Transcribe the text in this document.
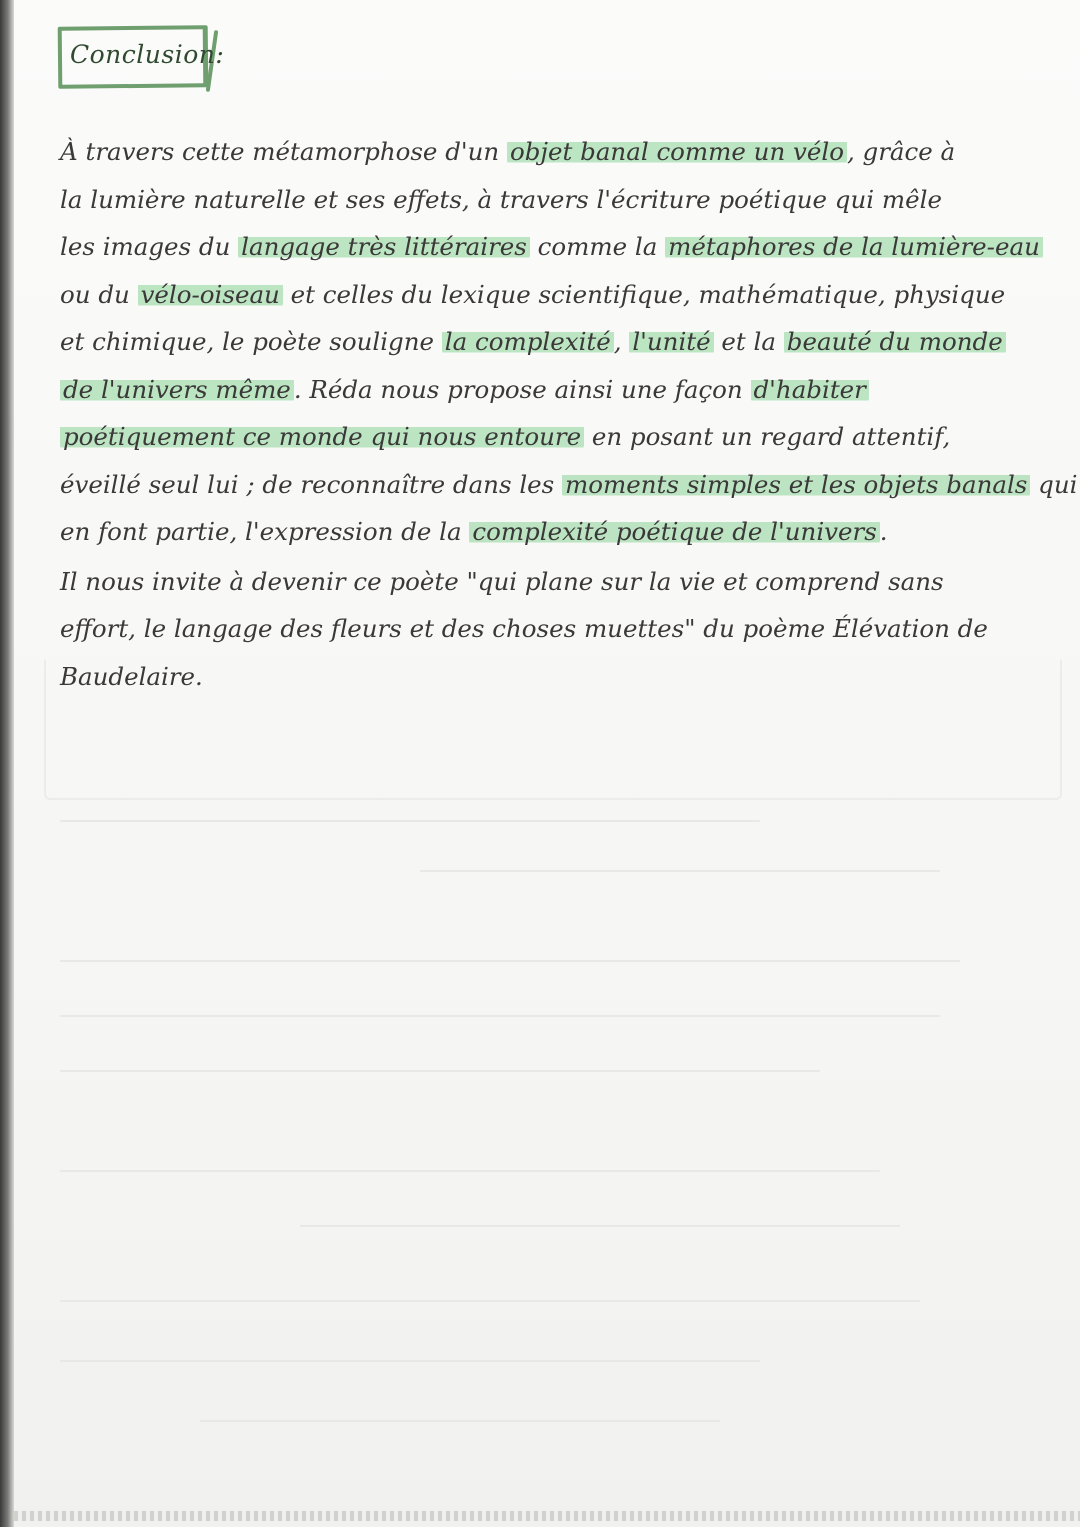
Conclusion:

À travers cette métamorphose d'un objet banal comme un vélo , grâce à

la lumière naturelle et ses effets, à travers l'écriture poétique qui mêle

les images du langage très littéraires comme la métaphores de la lumière-eau

ou du vélo-oiseau et celles du lexique scientifique, mathématique, physique

et chimique, le poète souligne la complexité , l'unité et la beauté du monde

de l'univers même . Réda nous propose ainsi une façon d'habiter

poétiquement ce monde qui nous entoure en posant un regard attentif,

éveillé seul lui ; de reconnaître dans les moments simples et les objets banals qui

en font partie, l'expression de la complexité poétique de l'univers .

Il nous invite à devenir ce poète "qui plane sur la vie et comprend sans

effort, le langage des fleurs et des choses muettes" du poème Élévation de

Baudelaire.
